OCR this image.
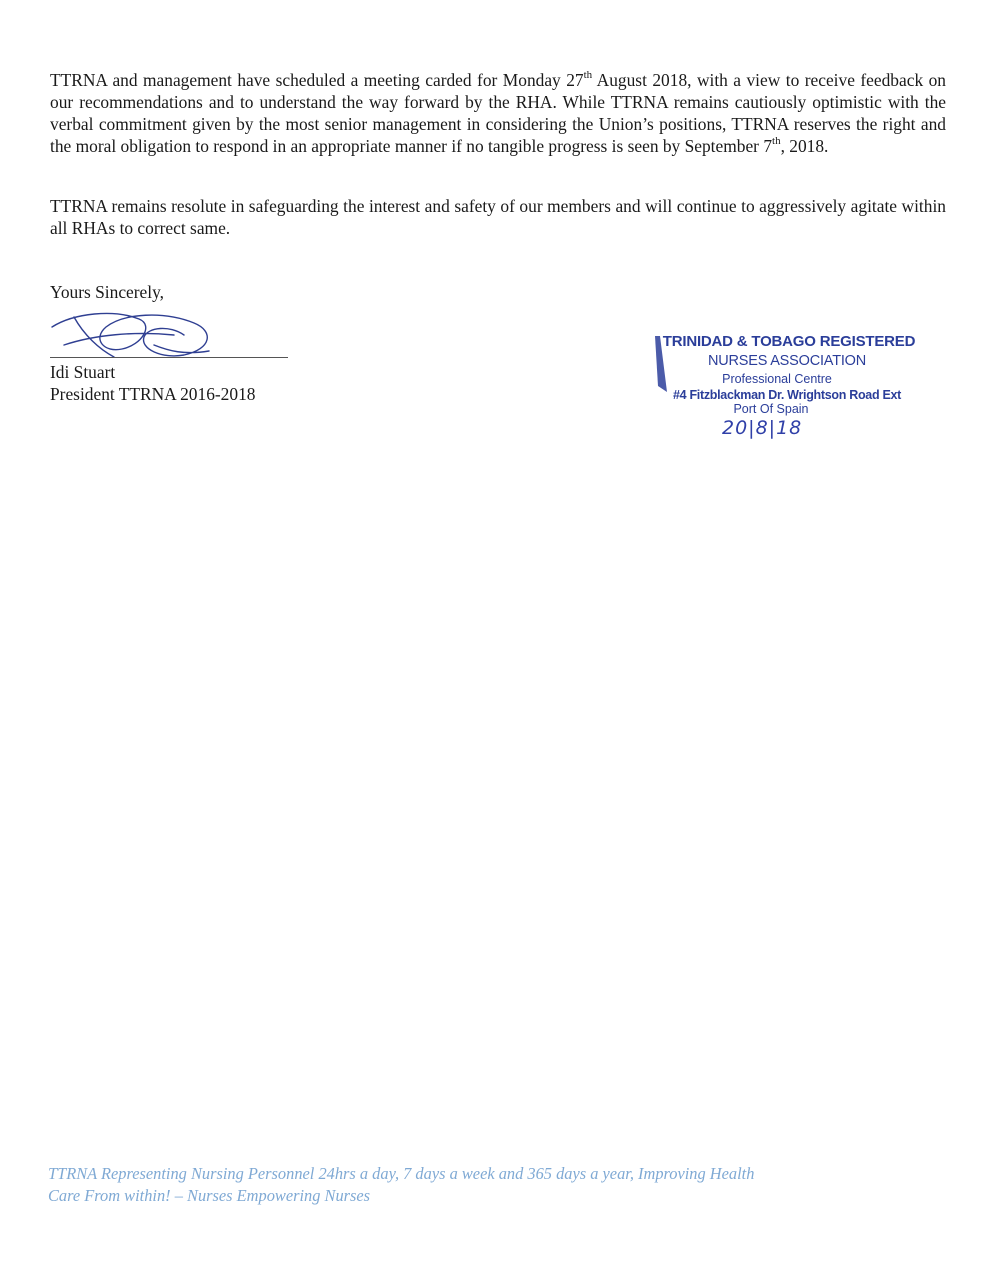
TTRNA and management have scheduled a meeting carded for Monday 27th August 2018, with a view to receive feedback on our recommendations and to understand the way forward by the RHA. While TTRNA remains cautiously optimistic with the verbal commitment given by the most senior management in considering the Union’s positions, TTRNA reserves the right and the moral obligation to respond in an appropriate manner if no tangible progress is seen by September 7th, 2018.

TTRNA remains resolute in safeguarding the interest and safety of our members and will continue to aggressively agitate within all RHAs to correct same.

Yours Sincerely,
Idi Stuart
President TTRNA 2016-2018
TRINIDAD & TOBAGO REGISTERED
NURSES ASSOCIATION
Professional Centre
#4 Fitzblackman Dr. Wrightson Road Ext
Port Of Spain
20|8|18

TTRNA Representing Nursing Personnel 24hrs a day, 7 days a week and 365 days a year, Improving Health

Care From within! – Nurses Empowering Nurses
